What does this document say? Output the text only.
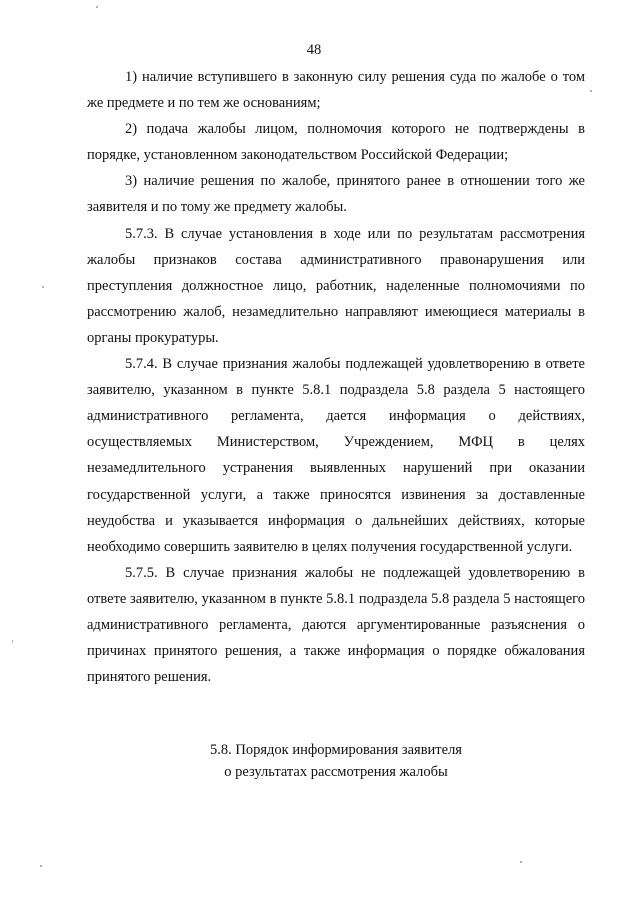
48

1) наличие вступившего в законную силу решения суда по жалобе о том же предмете и по тем же основаниям;

2) подача жалобы лицом, полномочия которого не подтверждены в порядке, установленном законодательством Российской Федерации;

3) наличие решения по жалобе, принятого ранее в отношении того же заявителя и по тому же предмету жалобы.

5.7.3. В случае установления в ходе или по результатам рассмотрения жалобы признаков состава административного правонарушения или преступления должностное лицо, работник, наделенные полномочиями по рассмотрению жалоб, незамедлительно направляют имеющиеся материалы в органы прокуратуры.

5.7.4. В случае признания жалобы подлежащей удовлетворению в ответе заявителю, указанном в пункте 5.8.1 подраздела 5.8 раздела 5 настоящего административного регламента, дается информация о действиях, осуществляемых Министерством, Учреждением, МФЦ в целях незамедлительного устранения выявленных нарушений при оказании государственной услуги, а также приносятся извинения за доставленные неудобства и указывается информация о дальнейших действиях, которые необходимо совершить заявителю в целях получения государственной услуги.

5.7.5. В случае признания жалобы не подлежащей удовлетворению в ответе заявителю, указанном в пункте 5.8.1 подраздела 5.8 раздела 5 настоящего административного регламента, даются аргументированные разъяснения о причинах принятого решения, а также информация о порядке обжалования принятого решения.

5.8. Порядок информирования заявителя
о результатах рассмотрения жалобы
